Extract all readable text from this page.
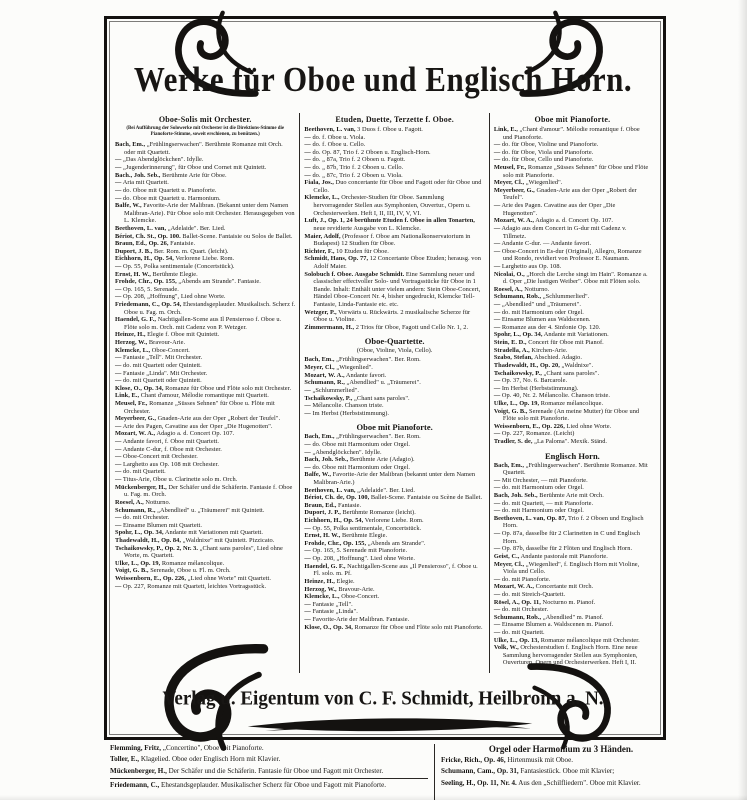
Werke für Oboe und Englisch Horn.
Oboe-Solis mit Orchester.
(Bei Aufführung der Solowerke mit Orchester ist die Direktions-Stimme die Pianoforte-Stimme, soweit erschienen, zu benützen.)
Bach, Em., „Frühlingserwachen". Berühmte Romanze mit Orch. oder mit Quartett.
— „Das Abendglöckchen". Idylle.
— „Jugenderinnerung", für Oboe und Cornet mit Quintett.
Bach., Joh. Seb., Berühmte Arie für Oboe.
— Aria mit Quartett.
— do. Oboe mit Quartett u. Pianoforte.
— do. Oboe mit Quartett u. Harmonium.
Balfe, W., Favorite-Arie der Malibran. (Bekannt unter dem Namen Malibran-Arie). Für Oboe solo mit Orchester. Herausgegeben von L. Klemcke.
Beethoven, L. van, „Adelaide". Ber. Lied.
Bériot, Ch. St., Op. 100. Ballet-Scene. Fantaisie ou Solos de Ballet.
Braun, Ed., Op. 26, Fantaisie.
Duport, J. B., Ber. Rom. m. Quart. (leicht).
Eichhorn, H., Op. 54, Verlorene Liebe. Rom.
— Op. 55, Polka sentimentale (Concertstück).
Ernst, H. W., Berühmte Elegie.
Frohde, Chr., Op. 155, „Abends am Strande". Fantasie.
— Op. 165, 5. Serenade.
— Op. 208, „Hoffnung", Lied ohne Worte.
Friedemann, C., Op. 54, Ehestandsgeplauder. Musikalisch. Scherz f. Oboe u. Fag. m. Orch.
Haendel, G. F., Nachtigallen-Scene aus Il Pensieroso f. Oboe u. Flöte solo m. Orch. mit Cadenz von P. Wetzger.
Heinze, H., Elegie f. Oboe mit Quintett.
Herzog, W., Bravour-Arie.
Klemcke, L., Oboe-Concert.
— Fantasie „Tell". Mit Orchester.
— do. mit Quartett oder Quintett.
— Fantasie „Linda". Mit Orchester.
— do. mit Quartett oder Quintett.
Klose, O., Op. 34, Romanze für Oboe und Flöte solo mit Orchester.
Link, E., Chant d'amour, Mélodie romantique mit Quartett.
Meusel, Fr., Romanze „Süsses Sehnen" für Oboe u. Flöte mit Orchester.
Meyerbeer, G., Gnaden-Arie aus der Oper „Robert der Teufel".
— Arie des Pagen, Cavatine aus der Oper „Die Hugenotten".
Mozart, W. A., Adagio a. d. Concert Op. 107.
— Andante favori, f. Oboe mit Quartett.
— Andante C-dur, f. Oboe mit Orchester.
— Oboe-Concert mit Orchester.
— Larghetto aus Op. 108 mit Orchester.
— do. mit Quartett.
— Titus-Arie, Oboe u. Clarinette solo m. Orch.
Mückenberger, H., Der Schäfer und die Schäferin. Fantasie f. Oboe u. Fag. m. Orch.
Roesel, A., Notturno.
Schumann, R., „Abendlied" u. „Träumerei" mit Quintett.
— do. mit Orchester.
— Einsame Blumen mit Quartett.
Spohr, L., Op. 34, Andante mit Variationen mit Quartett.
Thadewaldt, H., Op. 84, „Waldnixe" mit Quintett. Pizzicato.
Tschaikowsky, P., Op. 2, Nr. 3. „Chant sans paroles", Lied ohne Worte, m. Quartett.
Ulke, L., Op. 19, Romanze mélancolique.
Voigt, G. B., Serenade, Oboe u. Fl. m. Orch.
Weissenborn, E., Op. 226, „Lied ohne Worte" mit Quartett.
— Op. 227, Romanze mit Quartett, leichtes Vortragsstück.
Etuden, Duette, Terzette f. Oboe.
Beethoven, L. van, 3 Duos f. Oboe u. Fagott.
— do. f. Oboe u. Viola.
— do. f. Oboe u. Cello.
— do. Op. 87, Trio f. 2 Oboen u. Englisch-Horn.
— do. „ 87a, Trio f. 2 Oboen u. Fagott.
— do. „ 87b, Trio f. 2 Oboen u. Cello.
— do. „ 87c, Trio f. 2 Oboen u. Viola.
Fiala, Jos., Duo concertante für Oboe und Fagott oder für Oboe und Cello.
Klemcke, L., Orchester-Studien für Oboe. Sammlung hervorragender Stellen aus Symphonien, Ouvertur., Opern u. Orchesterwerken. Heft I, II, III, IV, V, VI.
Luft, J., Op. 1, 24 berühmte Etuden f. Oboe in allen Tonarten, neue revidierte Ausgabe von L. Klemcke.
Maier, Adolf, (Professor f. Oboe am Nationalkonservatorium in Budapest) 12 Studien für Oboe.
Richter, F., 10 Etuden für Oboe.
Schmidt, Hans, Op. 77, 12 Concertante Oboe Etuden; herausg. von Adolf Maier.
Solobuch f. Oboe. Ausgabe Schmidt. Eine Sammlung neuer und classischer effectvoller Solo- und Vortragsstücke für Oboe in 1 Bande. Inhalt: Enthält unter vielem andern: Stein Oboe-Concert, Händel Oboe-Concert Nr. 4, bisher ungedruckt, Klemcke Tell-Fantasie, Linda-Fantasie etc. etc.
Wetzger, P., Vorwärts u. Rückwärts. 2 musikalische Scherze für Oboe u. Violine.
Zimmermann, H., 2 Trios für Oboe, Fagott und Cello Nr. 1, 2.
Oboe-Quartette.
(Oboe, Violine, Viola, Cello).
Bach, Em., „Frühlingserwachen". Ber. Rom.
Meyer, Cl., „Wiegenlied".
Mozart, W. A., Andante favori.
Schumann, R., „Abendlied" u. „Träumerei".
— „Schlummerlied".
Tschaikowsky, P., „Chant sans paroles".
— Mélancolie. Chanson triste.
— Im Herbst (Herbststimmung).
Oboe mit Pianoforte.
Bach, Em., „Frühlingserwachen". Ber. Rom.
— do. Oboe mit Harmonium oder Orgel.
— „Abendglöckchen". Idylle.
Bach, Joh. Seb., Berühmte Arie (Adagio).
— do. Oboe mit Harmonium oder Orgel.
Balfe, W., Favorite-Arie der Malibran (bekannt unter dem Namen Malibran-Arie.)
Beethoven, L. van, „Adelaide". Ber. Lied.
Bériot, Ch. de, Op. 100, Ballet-Scene. Fantaisie ou Scène de Ballet.
Braun, Ed., Fantasie.
Duport, J. P., Berühmte Romanze (leicht).
Eichhorn, H., Op. 54, Verlorene Liebe. Rom.
— Op. 55, Polka sentimentale, Concertstück.
Ernst, H. W., Berühmte Elegie.
Frohde, Chr., Op. 155, „Abends am Strande".
— Op. 165, 5. Serenade mit Pianoforte.
— Op. 208, „Hoffnung". Lied ohne Worte.
Haendel, G. F., Nachtigallen-Scene aus „Il Pensieroso", f. Oboe u. Fl. solo. m. Pf.
Heinze, H., Elegie.
Herzog, W., Bravour-Arie.
Klemcke, L., Oboe-Concert.
— Fantasie „Tell".
— Fantasie „Linda".
— Favorite-Arie der Malibran. Fantasie.
Klose, O., Op. 34, Romanze für Oboe und Flöte solo mit Pianoforte.
Oboe mit Pianoforte.
Link, E., „Chant d'amour". Mélodie romantique f. Oboe und Pianoforte.
— do. für Oboe, Violine und Pianoforte.
— do. für Oboe, Viola und Pianoforte.
— do. für Oboe, Cello und Pianoforte.
Meusel, Fr., Romanze „Süsses Sehnen" für Oboe und Flöte solo mit Pianoforte.
Meyer, Cl., „Wiegenlied".
Meyerbeer, G., Gnaden-Arie aus der Oper „Robert der Teufel".
— Arie des Pagen. Cavatine aus der Oper „Die Hugenotten".
Mozart, W. A., Adagio a. d. Concert Op. 107.
— Adagio aus dem Concert in G-dur mit Cadenz v. Tillmetz.
— Andante C-dur. — Andante favori.
— Oboe-Concert in Es-dur (Original), Allegro, Romanze und Rondo, revidiert von Professor E. Naumann.
— Larghetto aus Op. 108.
Nicolai, O., „Horch die Lerche singt im Hain". Romanze a. d. Oper „Die lustigen Weiber". Oboe mit Flöten solo.
Roesel, A., Notturno.
Schumann, Rob., „Schlummerlied".
— „Abendlied" und „Träumerei".
— do. mit Harmonium oder Orgel.
— Einsame Blumen aus Waldscenen.
— Romanze aus der 4. Sinfonie Op. 120.
Spohr, L., Op. 34, Andante mit Variationen.
Stein, E. D., Concert für Oboe mit Pianof.
Stradella, A., Kirchen-Arie.
Szabo, Stefan, Abschied. Adagio.
Thadewaldt, H., Op. 20, „Waldnixe".
Tschaikowsky, P., „Chant sans paroles".
— Op. 37, No. 6. Barcarole.
— Im Herbst (Herbststimmung).
— Op. 40, Nr. 2. Mélancolie. Chanson triste.
Ulke, L., Op. 19, Romanze mélancolique.
Voigt, G. B., Serenade (An meine Mutter) für Oboe und Flöte solo mit Pianoforte.
Weissenborn, E., Op. 226, Lied ohne Worte.
— Op. 227, Romanze. (Leicht)
Tradler, S. de, „La Paloma". Mexik. Ständ.
Englisch Horn.
Bach, Em., „Frühlingserwachen". Berühmte Romanze. Mit Quartett.
— Mit Orchester, — mit Pianoforte.
— do. mit Harmonium oder Orgel.
Bach, Joh. Seb., Berühmte Arie mit Orch.
— do. mit Quartett, — mit Pianoforte.
— do. mit Harmonium oder Orgel.
Beethoven, L. van, Op. 87, Trio f. 2 Oboen und Englisch Horn.
— Op. 87a, dasselbe für 2 Clarinetten in C und Englisch Horn.
— Op. 87b, dasselbe für 2 Flöten und Englisch Horn.
Geist, C., Andante pastorale mit Pianoforte.
Meyer, Cl., „Wiegenlied", f. Englisch Horn mit Violine, Viola und Cello.
— do. mit Pianoforte.
Mozart, W. A., Concertante mit Orch.
— do. mit Streich-Quartett.
Rösel, A., Op. 11, Nocturno m. Pianof.
— do. mit Orchester.
Schumann, Rob., „Abendlied" m. Pianof.
— Einsame Blumen a. Waldscenen m. Pianof.
— do. mit Quartett.
Ulke, L., Op. 13, Romanze mélancolique mit Orchester.
Volk, W., Orchesterstudien f. Englisch Horn. Eine neue Sammlung hervorragender Stellen aus Symphonien, Ouverturen, Opern und Orchesterwerken. Heft I, II.
Verlag u. Eigentum von C. F. Schmidt, Heilbronn a. N.
Flemming, Fritz, „Concertino", Oboe mit Pianoforte.
Toller, E., Klagelied. Oboe oder Englisch Horn mit Klavier.
Mückenberger, H., Der Schäfer und die Schäferin. Fantasie für Oboe und Fagott mit Orchester.
Friedemann, C., Ehestandsgeplauder. Musikalischer Scherz für Oboe und Fagott mit Pianoforte.
Orgel oder Harmonium zu 3 Händen.
Fricke, Rich., Op. 46, Hirtenmusik mit Oboe.
Schumann, Cam., Op. 31, Fantasiestück. Oboe mit Klavier;
Seeling, H., Op. 11, Nr. 4. Aus den „Schilfliedern". Oboe mit Klavier.
